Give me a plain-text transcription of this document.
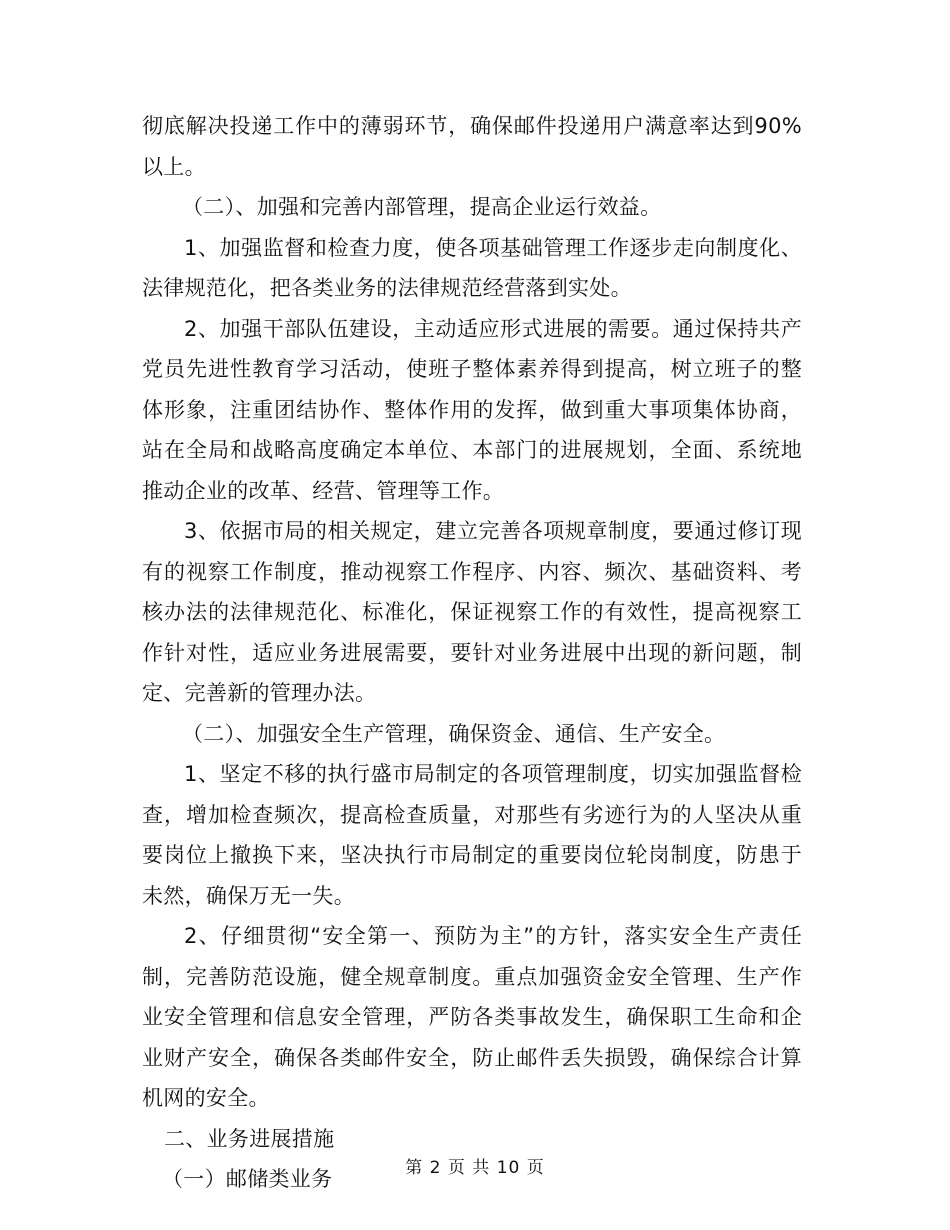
彻底解决投递工作中的薄弱环节，确保邮件投递用户满意率达到90%以上。

（二）、加强和完善内部管理，提高企业运行效益。

1、加强监督和检查力度，使各项基础管理工作逐步走向制度化、法律规范化，把各类业务的法律规范经营落到实处。

2、加强干部队伍建设，主动适应形式进展的需要。通过保持共产党员先进性教育学习活动，使班子整体素养得到提高，树立班子的整体形象，注重团结协作、整体作用的发挥，做到重大事项集体协商，站在全局和战略高度确定本单位、本部门的进展规划，全面、系统地推动企业的改革、经营、管理等工作。

3、依据市局的相关规定，建立完善各项规章制度，要通过修订现有的视察工作制度，推动视察工作程序、内容、频次、基础资料、考核办法的法律规范化、标准化，保证视察工作的有效性，提高视察工作针对性，适应业务进展需要，要针对业务进展中出现的新问题，制定、完善新的管理办法。

（二）、加强安全生产管理，确保资金、通信、生产安全。

1、坚定不移的执行盛市局制定的各项管理制度，切实加强监督检查，增加检查频次，提高检查质量，对那些有劣迹行为的人坚决从重要岗位上撤换下来，坚决执行市局制定的重要岗位轮岗制度，防患于未然，确保万无一失。

2、仔细贯彻“安全第一、预防为主”的方针，落实安全生产责任制，完善防范设施，健全规章制度。重点加强资金安全管理、生产作业安全管理和信息安全管理，严防各类事故发生，确保职工生命和企业财产安全，确保各类邮件安全，防止邮件丢失损毁，确保综合计算机网的安全。

二、业务进展措施

（一）邮储类业务	第 2 页 共 10 页
